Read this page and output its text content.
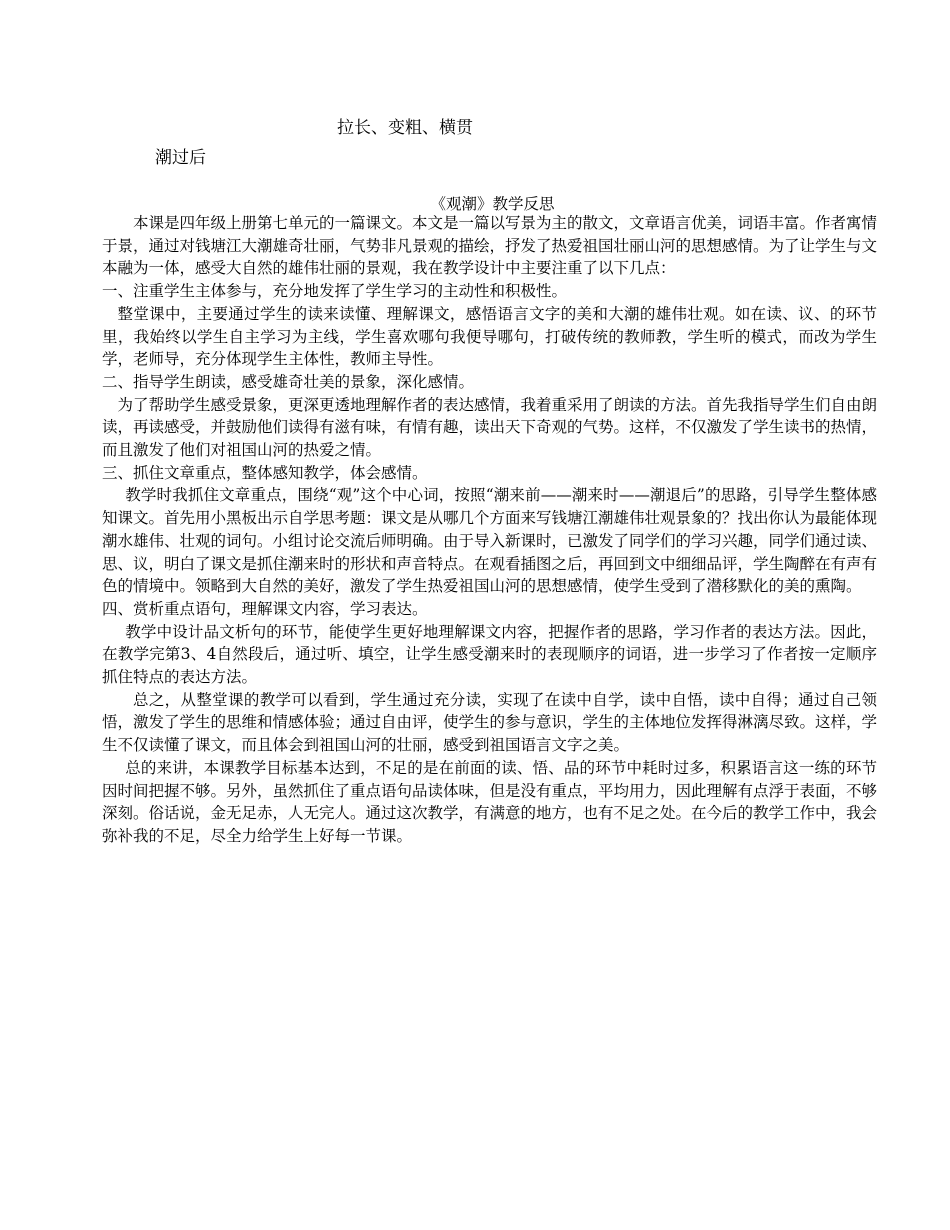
拉长、变粗、横贯
潮过后
《观潮》教学反思

本课是四年级上册第七单元的一篇课文。本文是一篇以写景为主的散文，文章语言优美，词语丰富。作者寓情于景，通过对钱塘江大潮雄奇壮丽，气势非凡景观的描绘，抒发了热爱祖国壮丽山河的思想感情。为了让学生与文本融为一体，感受大自然的雄伟壮丽的景观，我在教学设计中主要注重了以下几点：

一、注重学生主体参与，充分地发挥了学生学习的主动性和积极性。

整堂课中，主要通过学生的读来读懂、理解课文，感悟语言文字的美和大潮的雄伟壮观。如在读、议、的环节里，我始终以学生自主学习为主线，学生喜欢哪句我便导哪句，打破传统的教师教，学生听的模式，而改为学生学，老师导，充分体现学生主体性，教师主导性。

二、指导学生朗读，感受雄奇壮美的景象，深化感情。

为了帮助学生感受景象，更深更透地理解作者的表达感情，我着重采用了朗读的方法。首先我指导学生们自由朗读，再读感受，并鼓励他们读得有滋有味，有情有趣，读出天下奇观的气势。这样，不仅激发了学生读书的热情，而且激发了他们对祖国山河的热爱之情。

三、抓住文章重点，整体感知教学，体会感情。

教学时我抓住文章重点，围绕“观”这个中心词，按照“潮来前——潮来时——潮退后”的思路，引导学生整体感知课文。首先用小黑板出示自学思考题：课文是从哪几个方面来写钱塘江潮雄伟壮观景象的？找出你认为最能体现潮水雄伟、壮观的词句。小组讨论交流后师明确。由于导入新课时，已激发了同学们的学习兴趣，同学们通过读、思、议，明白了课文是抓住潮来时的形状和声音特点。在观看插图之后，再回到文中细细品评，学生陶醉在有声有色的情境中。领略到大自然的美好，激发了学生热爱祖国山河的思想感情，使学生受到了潜移默化的美的熏陶。

四、赏析重点语句，理解课文内容，学习表达。

教学中设计品文析句的环节，能使学生更好地理解课文内容，把握作者的思路，学习作者的表达方法。因此，在教学完第3、4自然段后，通过听、填空，让学生感受潮来时的表现顺序的词语，进一步学习了作者按一定顺序抓住特点的表达方法。

总之，从整堂课的教学可以看到，学生通过充分读，实现了在读中自学，读中自悟，读中自得；通过自己领悟，激发了学生的思维和情感体验；通过自由评，使学生的参与意识，学生的主体地位发挥得淋漓尽致。这样，学生不仅读懂了课文，而且体会到祖国山河的壮丽，感受到祖国语言文字之美。

总的来讲，本课教学目标基本达到，不足的是在前面的读、悟、品的环节中耗时过多，积累语言这一练的环节因时间把握不够。另外，虽然抓住了重点语句品读体味，但是没有重点，平均用力，因此理解有点浮于表面，不够深刻。俗话说，金无足赤，人无完人。通过这次教学，有满意的地方，也有不足之处。在今后的教学工作中，我会弥补我的不足，尽全力给学生上好每一节课。
